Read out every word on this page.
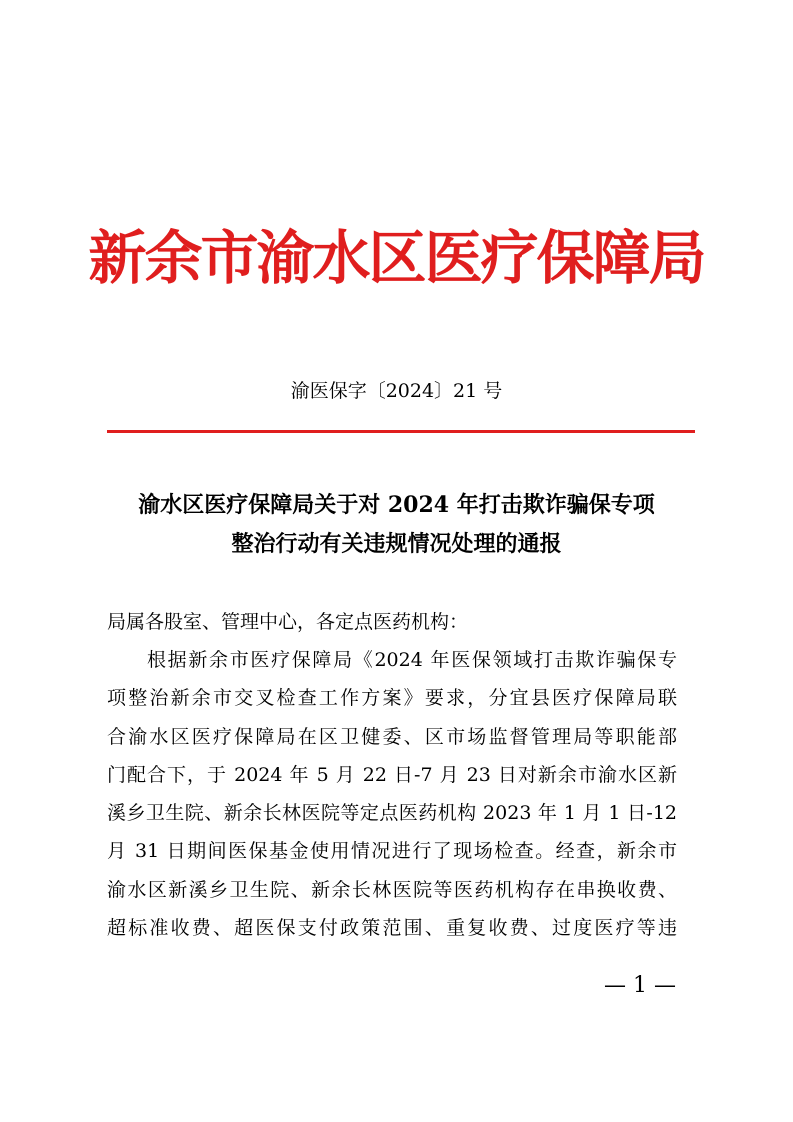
新余市渝水区医疗保障局
渝医保字〔2024〕21 号
渝水区医疗保障局关于对 2024 年打击欺诈骗保专项
整治行动有关违规情况处理的通报
局属各股室、管理中心，各定点医药机构：
根据新余市医疗保障局《2024 年医保领域打击欺诈骗保专
项整治新余市交叉检查工作方案》要求，分宜县医疗保障局联
合渝水区医疗保障局在区卫健委、区市场监督管理局等职能部
门配合下，于 2024 年 5 月 22 日-7 月 23 日对新余市渝水区新
溪乡卫生院、新余长林医院等定点医药机构 2023 年 1 月 1 日-12
月 31 日期间医保基金使用情况进行了现场检查。经查，新余市
渝水区新溪乡卫生院、新余长林医院等医药机构存在串换收费、
超标准收费、超医保支付政策范围、重复收费、过度医疗等违
— 1 —
